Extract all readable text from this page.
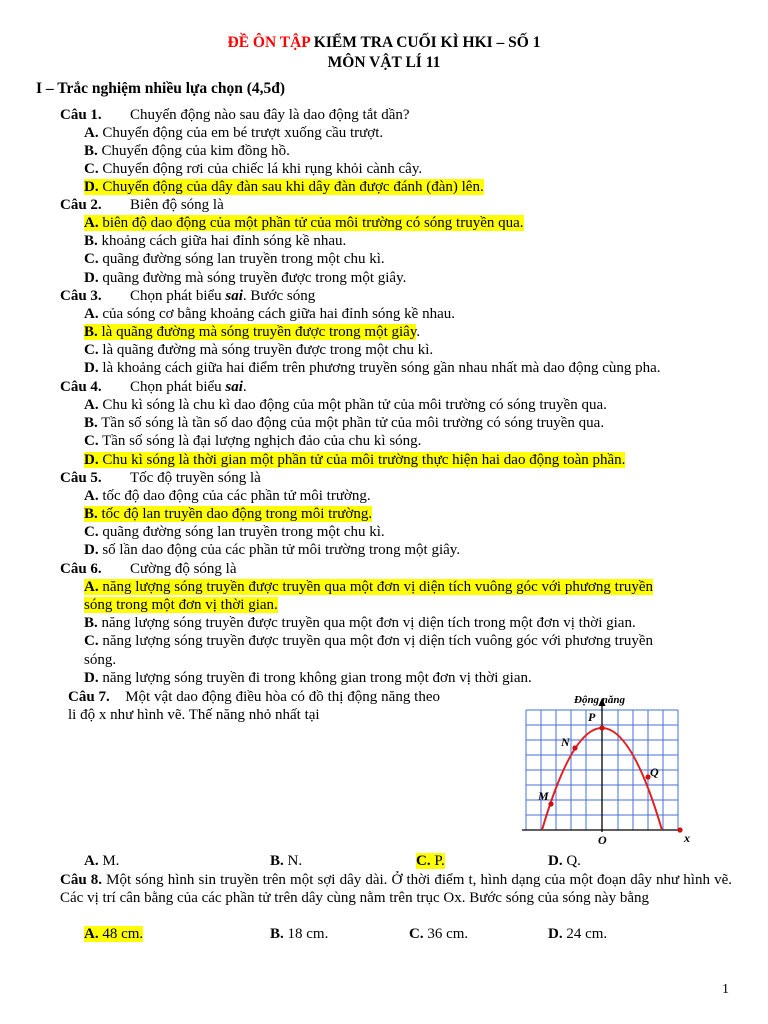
ĐỀ ÔN TẬP KIỂM TRA CUỐI KÌ HKI – SỐ 1
MÔN VẬT LÍ 11
I – Trắc nghiệm nhiều lựa chọn (4,5đ)
Câu 1. Chuyển động nào sau đây là dao động tắt dần?
A. Chuyển động của em bé trượt xuống cầu trượt.
B. Chuyển động của kim đồng hồ.
C. Chuyển động rơi của chiếc lá khi rụng khỏi cành cây.
D. Chuyển động của dây đàn sau khi dây đàn được đánh (đàn) lên.
Câu 2. Biên độ sóng là
A. biên độ dao động của một phần tử của môi trường có sóng truyền qua.
B. khoảng cách giữa hai đỉnh sóng kề nhau.
C. quãng đường sóng lan truyền trong một chu kì.
D. quãng đường mà sóng truyền được trong một giây.
Câu 3. Chọn phát biểu sai. Bước sóng
A. của sóng cơ bằng khoảng cách giữa hai đỉnh sóng kề nhau.
B. là quãng đường mà sóng truyền được trong một giây.
C. là quãng đường mà sóng truyền được trong một chu kì.
D. là khoảng cách giữa hai điểm trên phương truyền sóng gần nhau nhất mà dao động cùng pha.
Câu 4. Chọn phát biểu sai.
A. Chu kì sóng là chu kì dao động của một phần tử của môi trường có sóng truyền qua.
B. Tần số sóng là tần số dao động của một phần tử của môi trường có sóng truyền qua.
C. Tần số sóng là đại lượng nghịch đảo của chu kì sóng.
D. Chu kì sóng là thời gian một phần tử của môi trường thực hiện hai dao động toàn phần.
Câu 5. Tốc độ truyền sóng là
A. tốc độ dao động của các phần tử môi trường.
B. tốc độ lan truyền dao động trong môi trường.
C. quãng đường sóng lan truyền trong một chu kì.
D. số lần dao động của các phần tử môi trường trong một giây.
Câu 6. Cường độ sóng là
A. năng lượng sóng truyền được truyền qua một đơn vị diện tích vuông góc với phương truyền
sóng trong một đơn vị thời gian.
B. năng lượng sóng truyền được truyền qua một đơn vị diện tích trong một đơn vị thời gian.
C. năng lượng sóng truyền được truyền qua một đơn vị diện tích vuông góc với phương truyền
sóng.
D. năng lượng sóng truyền đi trong không gian trong một đơn vị thời gian.
Câu 7. Một vật dao động điều hòa có đồ thị động năng theo li độ x như hình vẽ. Thế năng nhỏ nhất tại
Động năng
P
N
Q
M
O	x
A. M.	B. N.	C. P.	D. Q.
Câu 8. Một sóng hình sin truyền trên một sợi dây dài. Ở thời điểm t, hình dạng của một đoạn dây như hình vẽ. Các vị trí cân bằng của các phần tử trên dây cùng nằm trên trục Ox. Bước sóng của sóng này bằng
A. 48 cm.	B. 18 cm.	C. 36 cm.	D. 24 cm.
1
